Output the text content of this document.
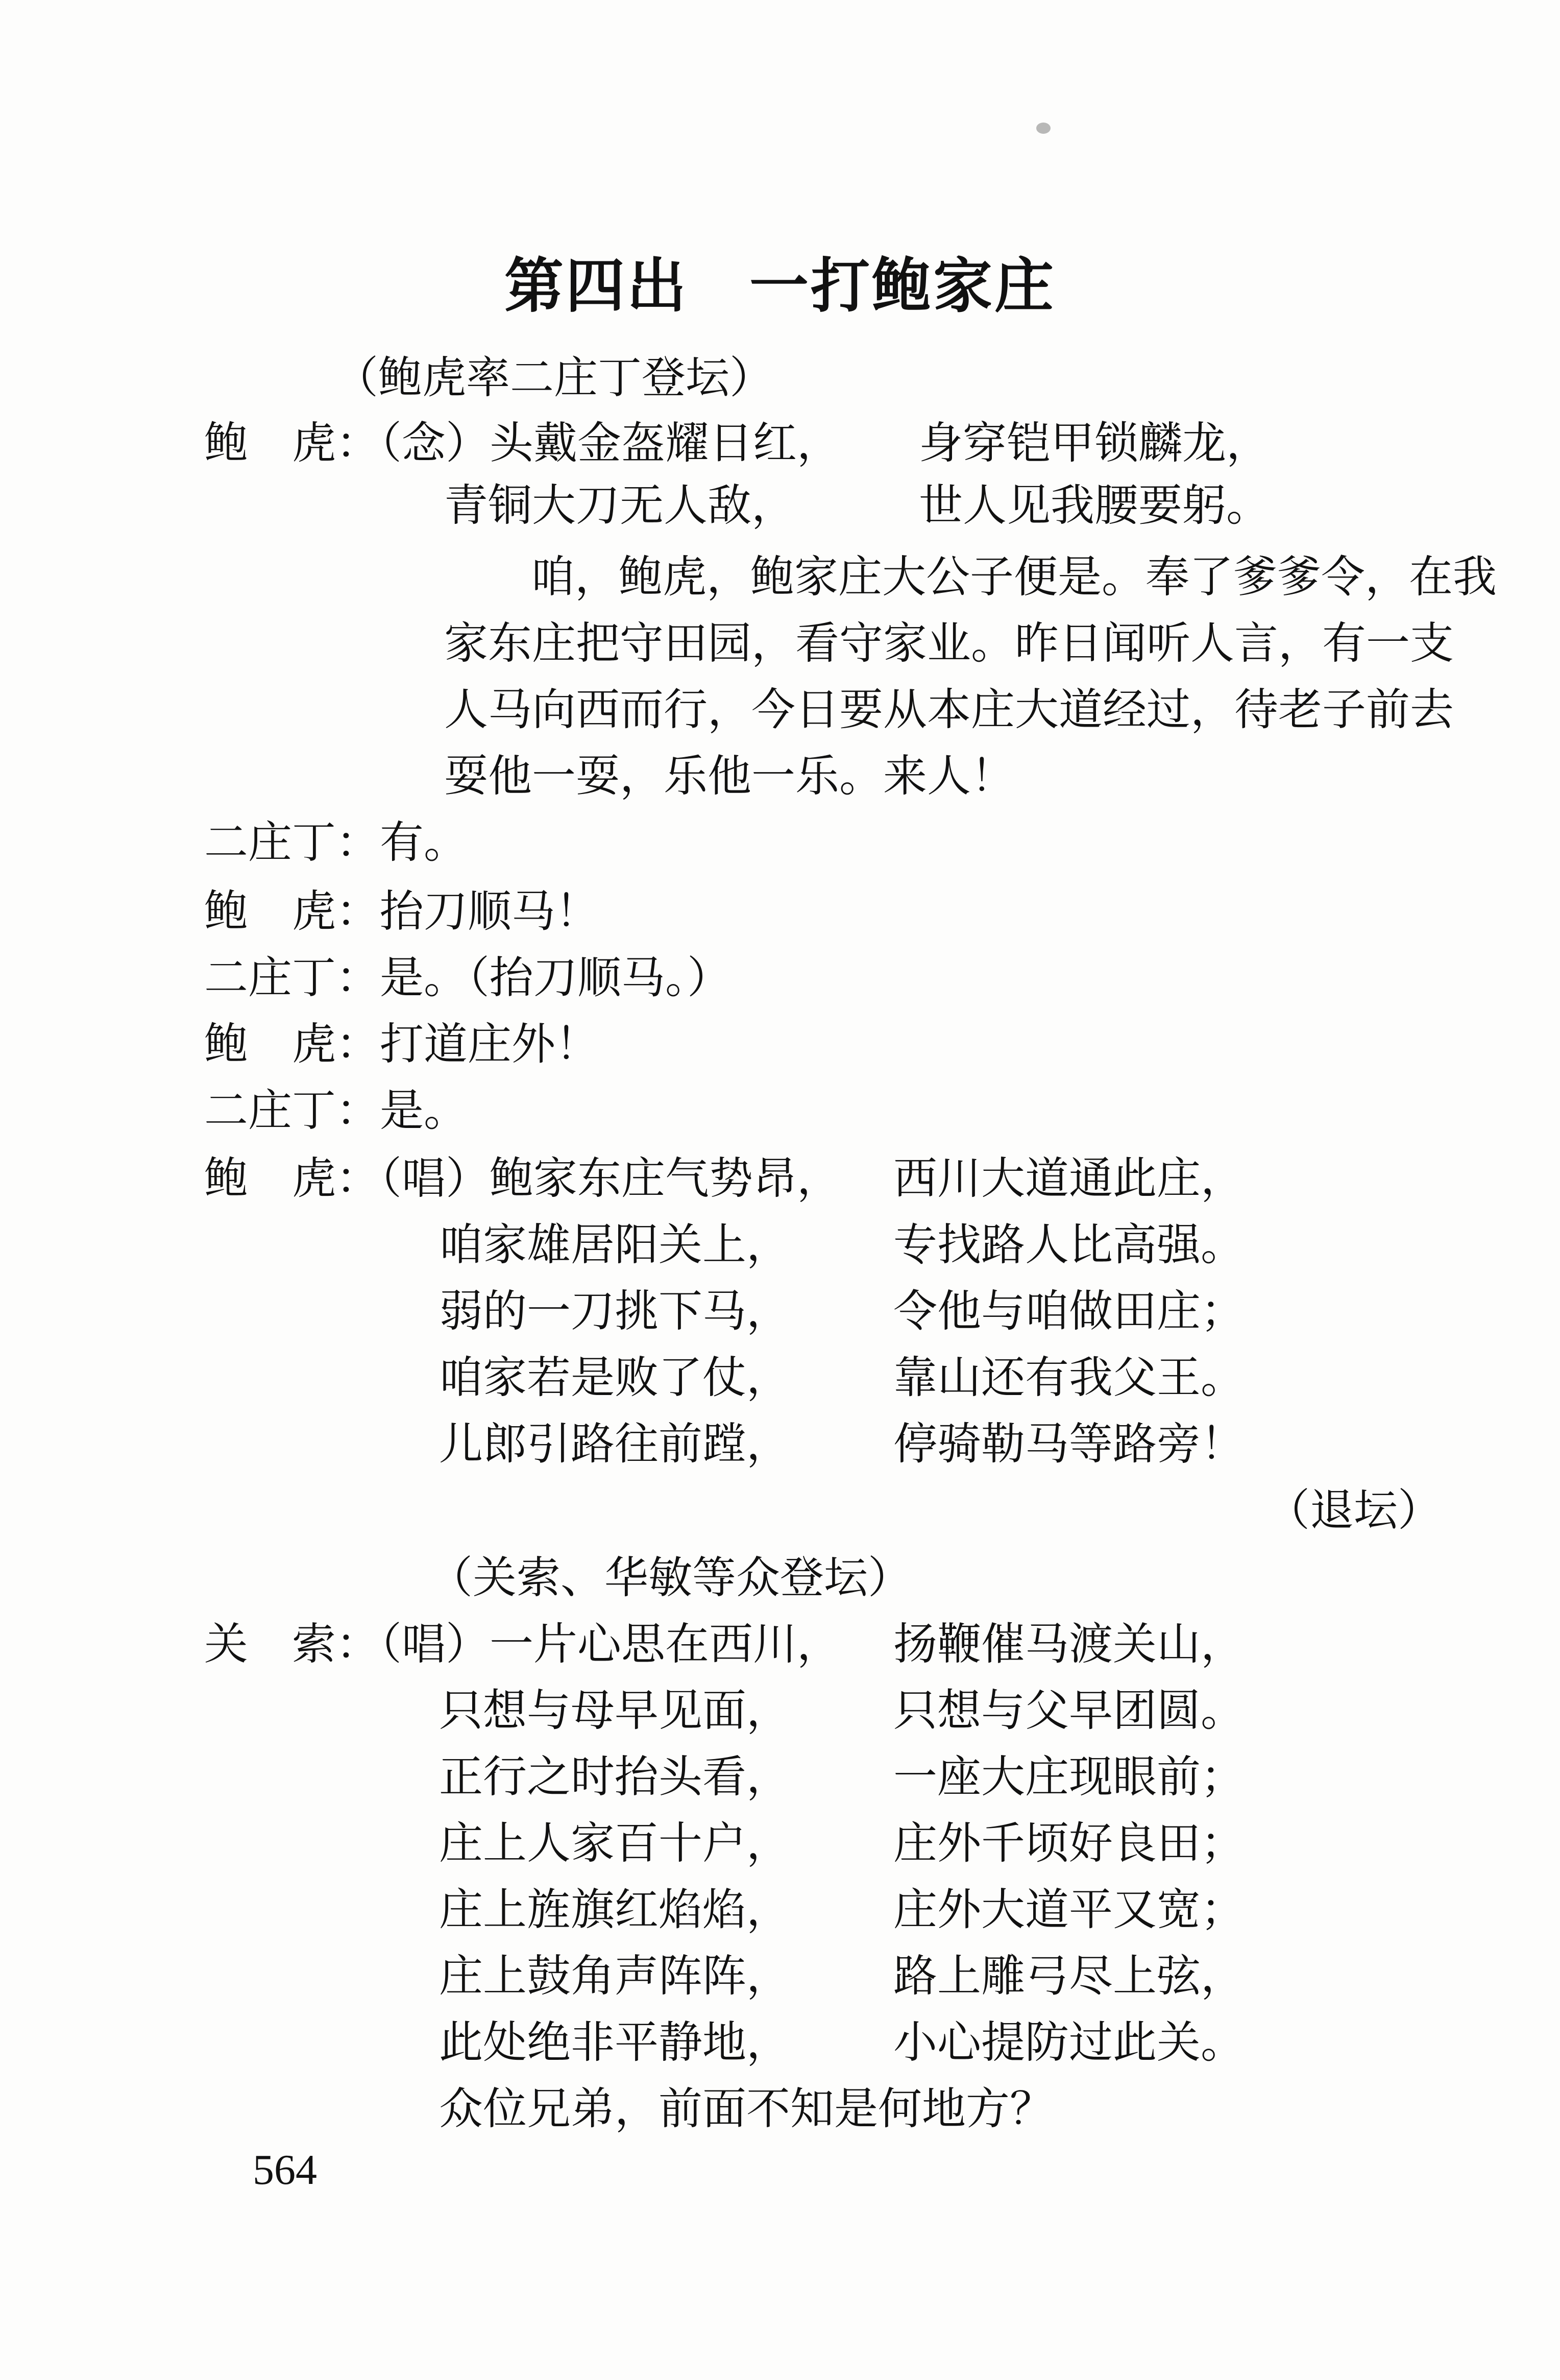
第四出 一打鲍家庄
（鲍虎率二庄丁登坛）
鲍　虎：（念）头戴金盔耀日红， 身穿铠甲锁麟龙，
青铜大刀无人敌，	世人见我腰要躬。
咱，鲍虎，鲍家庄大公子便是。奉了爹爹令，在我
家东庄把守田园，看守家业。昨日闻听人言，有一支
人马向西而行，今日要从本庄大道经过，待老子前去
耍他一耍，乐他一乐。来人！
二庄丁：有。
鲍　虎：抬刀顺马！
二庄丁：是。（抬刀顺马。）
鲍　虎：打道庄外！
二庄丁：是。
鲍　虎：（唱）鲍家东庄气势昂， 西川大道通此庄，
咱家雄居阳关上， 专找路人比高强。
弱的一刀挑下马， 令他与咱做田庄；
咱家若是败了仗， 靠山还有我父王。
儿郎引路往前蹚， 停骑勒马等路旁！
（退坛）
（关索、华敏等众登坛）
关　索：（唱）一片心思在西川， 扬鞭催马渡关山，
只想与母早见面， 只想与父早团圆。
正行之时抬头看， 一座大庄现眼前；
庄上人家百十户， 庄外千顷好良田；
庄上旌旗红焰焰， 庄外大道平又宽；
庄上鼓角声阵阵， 路上雕弓尽上弦，
此处绝非平静地， 小心提防过此关。
众位兄弟，前面不知是何地方？
564
